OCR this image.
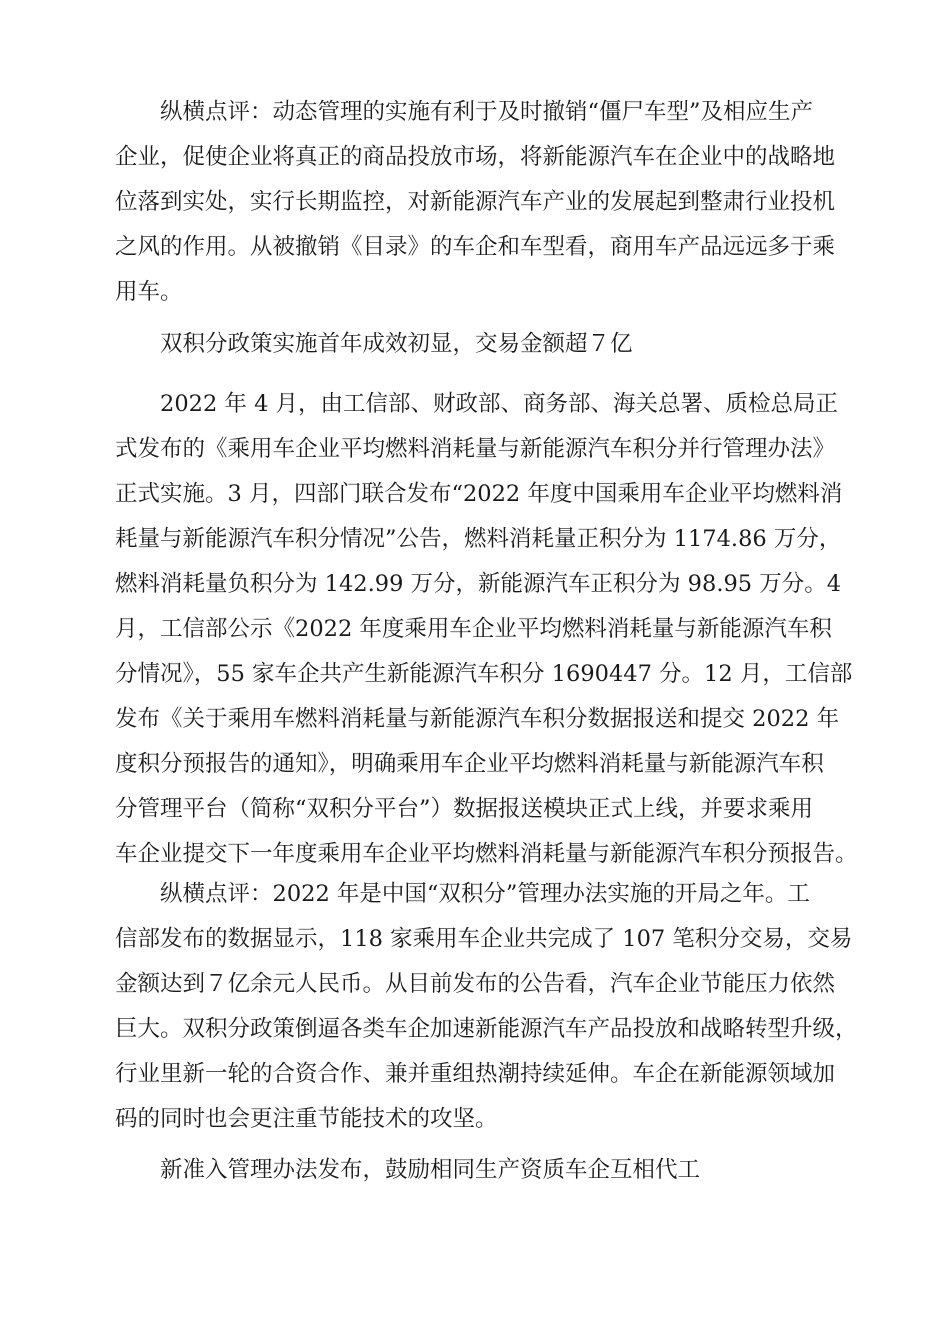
纵横点评：动态管理的实施有利于及时撤销“僵尸车型”及相应生产
企业，促使企业将真正的商品投放市场，将新能源汽车在企业中的战略地
位落到实处，实行长期监控，对新能源汽车产业的发展起到整肃行业投机
之风的作用。从被撤销《目录》的车企和车型看，商用车产品远远多于乘
用车。
双积分政策实施首年成效初显，交易金额超７亿
2022 年 4 月，由工信部、财政部、商务部、海关总署、质检总局正
式发布的《乘用车企业平均燃料消耗量与新能源汽车积分并行管理办法》
正式实施。3 月，四部门联合发布“2022 年度中国乘用车企业平均燃料消
耗量与新能源汽车积分情况”公告，燃料消耗量正积分为 1174.86 万分，
燃料消耗量负积分为 142.99 万分，新能源汽车正积分为 98.95 万分。4
月，工信部公示《2022 年度乘用车企业平均燃料消耗量与新能源汽车积
分情况》，55 家车企共产生新能源汽车积分 1690447 分。12 月，工信部
发布《关于乘用车燃料消耗量与新能源汽车积分数据报送和提交 2022 年
度积分预报告的通知》，明确乘用车企业平均燃料消耗量与新能源汽车积
分管理平台（简称“双积分平台”）数据报送模块正式上线，并要求乘用
车企业提交下一年度乘用车企业平均燃料消耗量与新能源汽车积分预报告。
纵横点评：2022 年是中国“双积分”管理办法实施的开局之年。工
信部发布的数据显示，118 家乘用车企业共完成了 107 笔积分交易，交易
金额达到７亿余元人民币。从目前发布的公告看，汽车企业节能压力依然
巨大。双积分政策倒逼各类车企加速新能源汽车产品投放和战略转型升级，
行业里新一轮的合资合作、兼并重组热潮持续延伸。车企在新能源领域加
码的同时也会更注重节能技术的攻坚。
新准入管理办法发布，鼓励相同生产资质车企互相代工
